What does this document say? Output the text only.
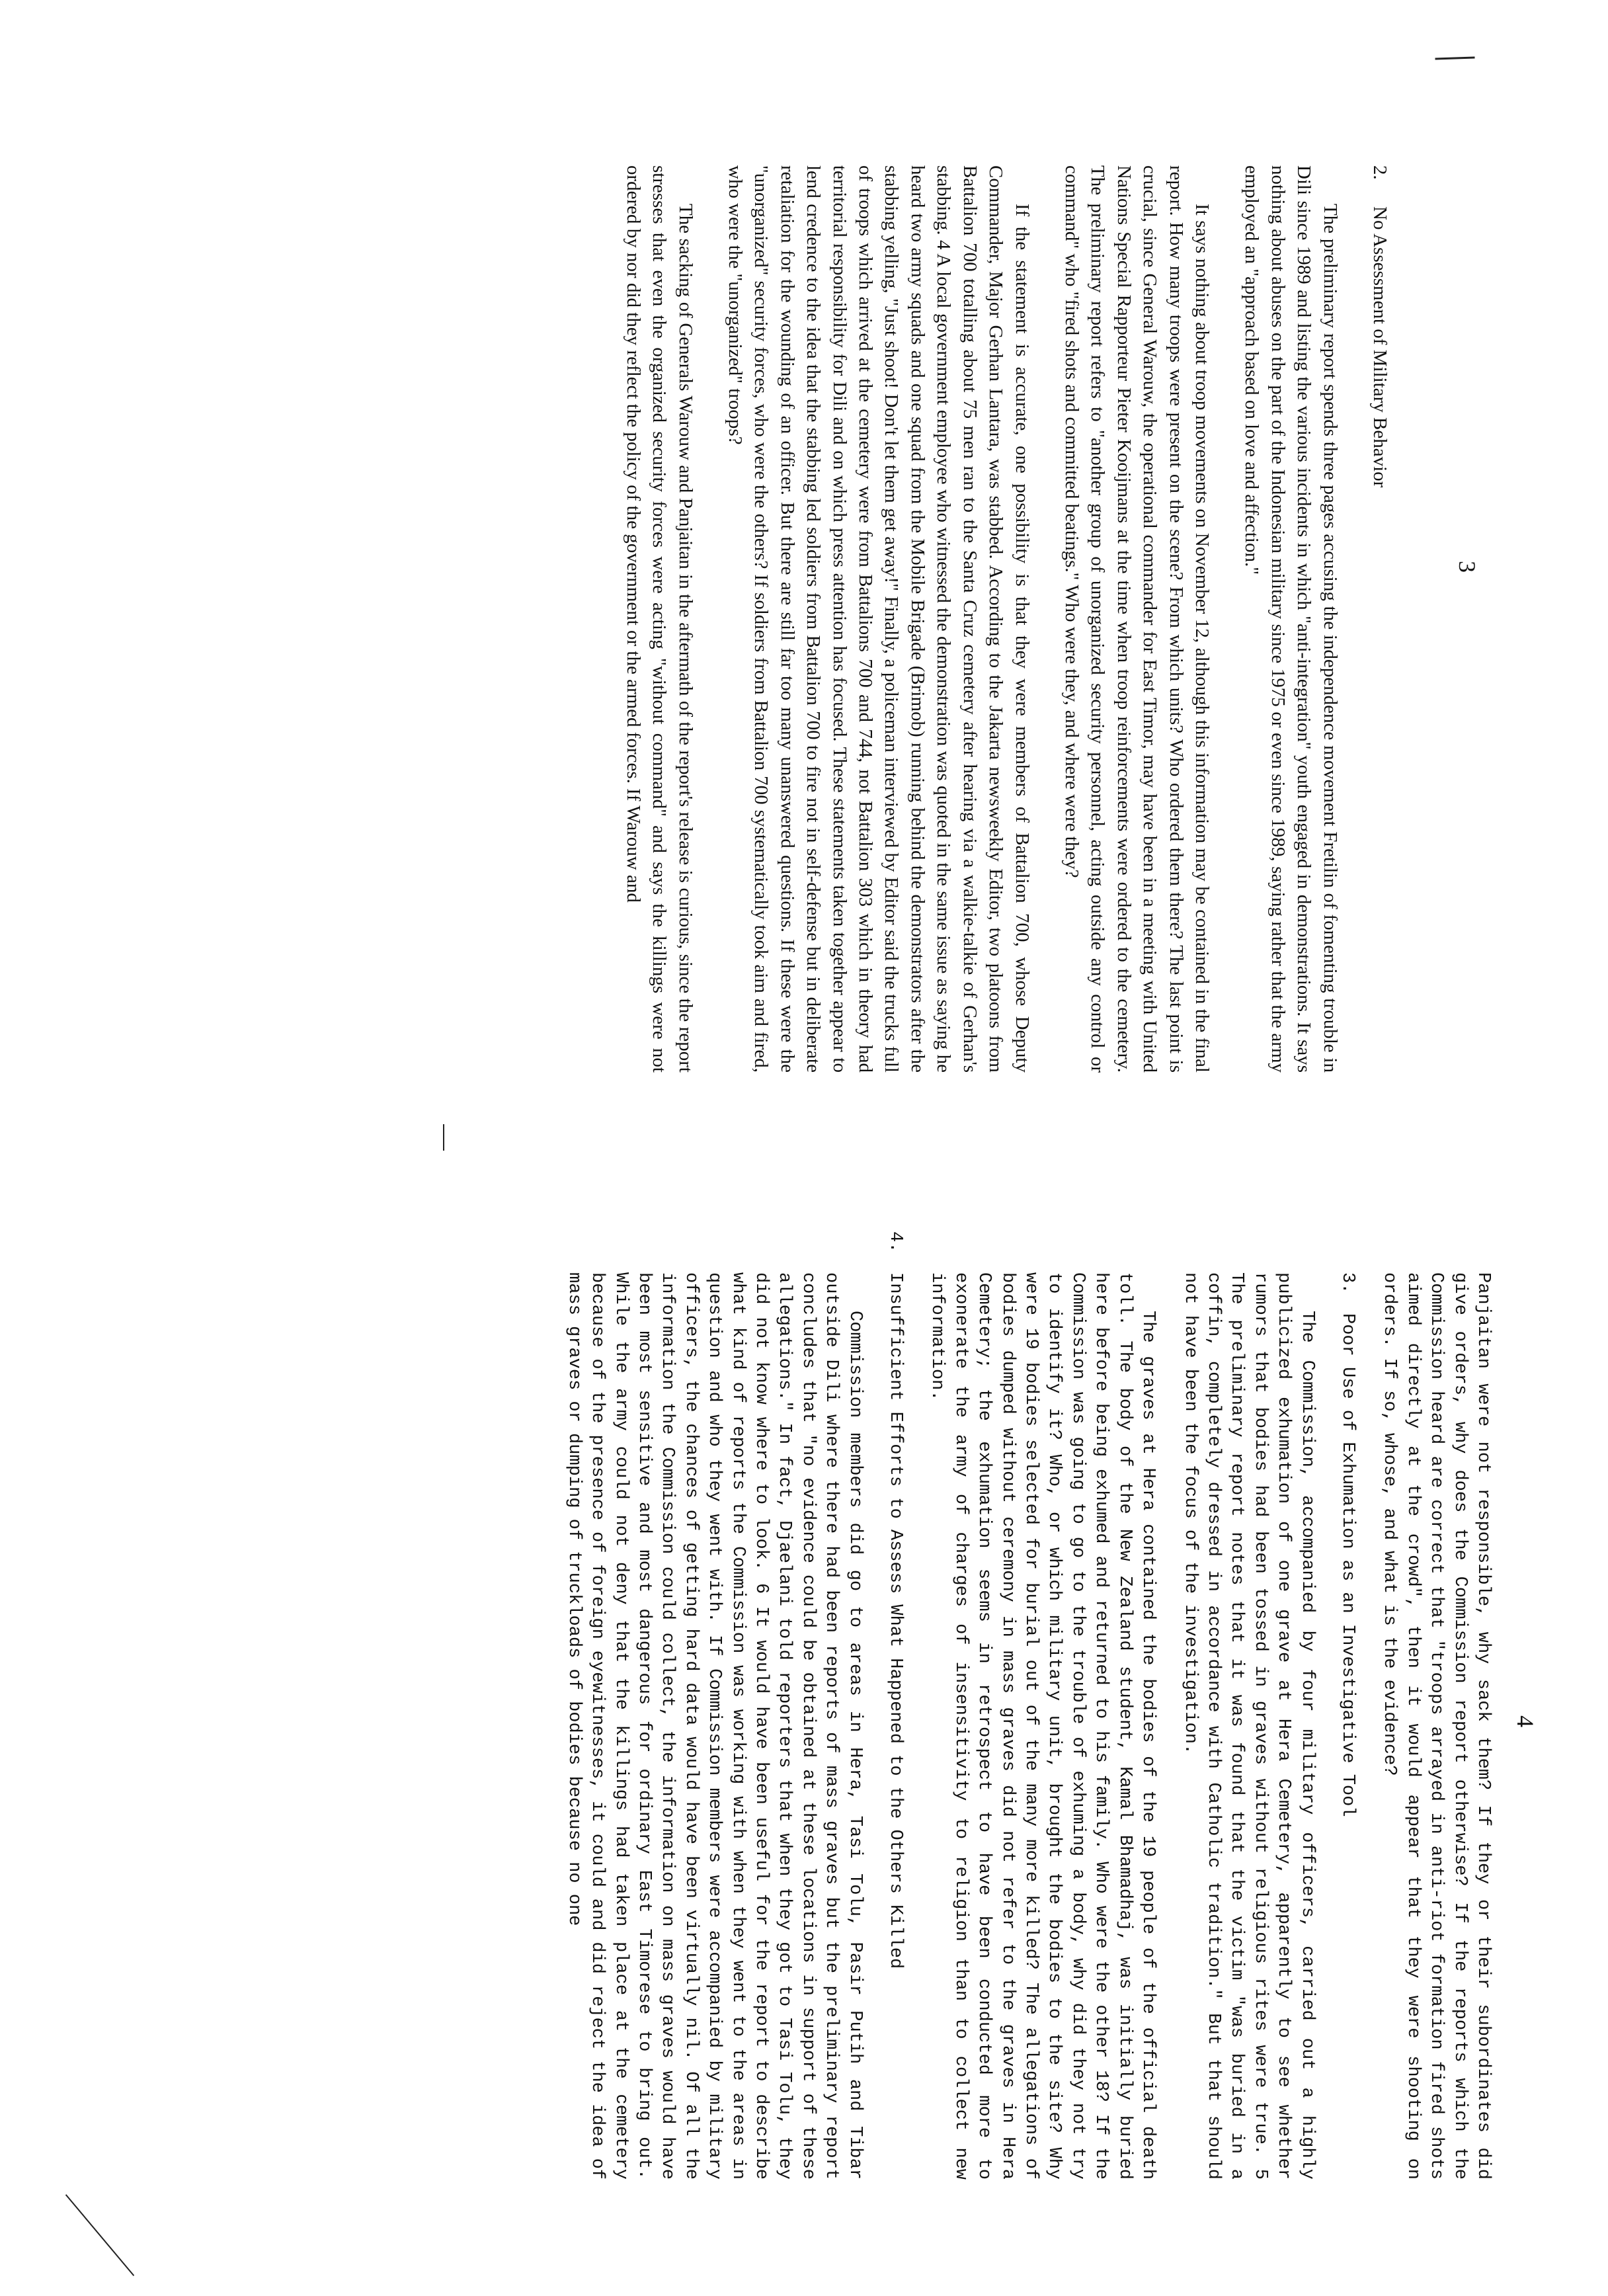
3
2.No Assessment of Military Behavior

The preliminary report spends three pages accusing the independence movement Fretilin of fomenting trouble in Dili since 1989 and listing the various incidents in which "anti-integration" youth engaged in demonstrations. It says nothing about abuses on the part of the Indonesian military since 1975 or even since 1989, saying rather that the army employed an "approach based on love and affection."

It says nothing about troop movements on November 12, although this information may be contained in the final report. How many troops were present on the scene? From which units? Who ordered them there? The last point is crucial, since General Warouw, the operational commander for East Timor, may have been in a meeting with United Nations Special Rapporteur Pieter Kooijmans at the time when troop reinforcements were ordered to the cemetery. The preliminary report refers to "another group of unorganized security personnel, acting outside any control or command" who "fired shots and committed beatings." Who were they, and where were they?

If the statement is accurate, one possibility is that they were members of Battalion 700, whose Deputy Commander, Major Gerhan Lantara, was stabbed. According to the Jakarta newsweekly Editor, two platoons from Battalion 700 totalling about 75 men ran to the Santa Cruz cemetery after hearing via a walkie-talkie of Gerhan's stabbing. 4 A local government employee who witnessed the demonstration was quoted in the same issue as saying he heard two army squads and one squad from the Mobile Brigade (Brimob) running behind the demonstrators after the stabbing yelling, "Just shoot! Don't let them get away!" Finally, a policeman interviewed by Editor said the trucks full of troops which arrived at the cemetery were from Battalions 700 and 744, not Battalion 303 which in theory had territorial responsibility for Dili and on which press attention has focused. These statements taken together appear to lend credence to the idea that the stabbing led soldiers from Battalion 700 to fire not in self-defense but in deliberate retaliation for the wounding of an officer. But there are still far too many unanswered questions. If these were the "unorganized" security forces, who were the others? If soldiers from Battalion 700 systematically took aim and fired, who were the "unorganized" troops?

The sacking of Generals Warouw and Panjaitan in the aftermath of the report's release is curious, since the report stresses that even the organized security forces were acting "without command" and says the killings were not ordered by nor did they reflect the policy of the government or the armed forces. If Warouw and

4

Panjaitan were not responsible, why sack them? If they or their subordinates did give orders, why does the Commission report otherwise? If the reports which the Commission heard are correct that "troops arrayed in anti-riot formation fired shots aimed directly at the crowd", then it would appear that they were shooting on orders. If so, whose, and what is the evidence?

3.Poor Use of Exhumation as an Investigative Tool

The Commission, accompanied by four military officers, carried out a highly publicized exhumation of one grave at Hera Cemetery, apparently to see whether rumors that bodies had been tossed in graves without religious rites were true. 5 The preliminary report notes that it was found that the victim "was buried in a coffin, completely dressed in accordance with Catholic tradition." But that should not have been the focus of the investigation.

The graves at Hera contained the bodies of the 19 people of the official death toll. The body of the New Zealand student, Kamal Bhamadhaj, was initially buried here before being exhumed and returned to his family. Who were the other 18? If the Commission was going to go to the trouble of exhuming a body, why did they not try to identify it? Who, or which military unit, brought the bodies to the site? Why were 19 bodies selected for burial out of the many more killed? The allegations of bodies dumped without ceremony in mass graves did not refer to the graves in Hera Cemetery; the exhumation seems in retrospect to have been conducted more to exonerate the army of charges of insensitivity to religion than to collect new information.

4.Insufficient Efforts to Assess What Happened to the Others Killed

Commission members did go to areas in Hera, Tasi Tolu, Pasir Putih and Tibar outside Dili where there had been reports of mass graves but the preliminary report concludes that "no evidence could be obtained at these locations in support of these allegations." In fact, Djaelani told reporters that when they got to Tasi Tolu, they did not know where to look. 6 It would have been useful for the report to describe what kind of reports the Commission was working with when they went to the areas in question and who they went with. If Commission members were accompanied by military officers, the chances of getting hard data would have been virtually nil. Of all the information the Commission could collect, the information on mass graves would have been most sensitive and most dangerous for ordinary East Timorese to bring out. While the army could not deny that the killings had taken place at the cemetery because of the presence of foreign eyewitnesses, it could and did reject the idea of mass graves or dumping of truckloads of bodies because no one
